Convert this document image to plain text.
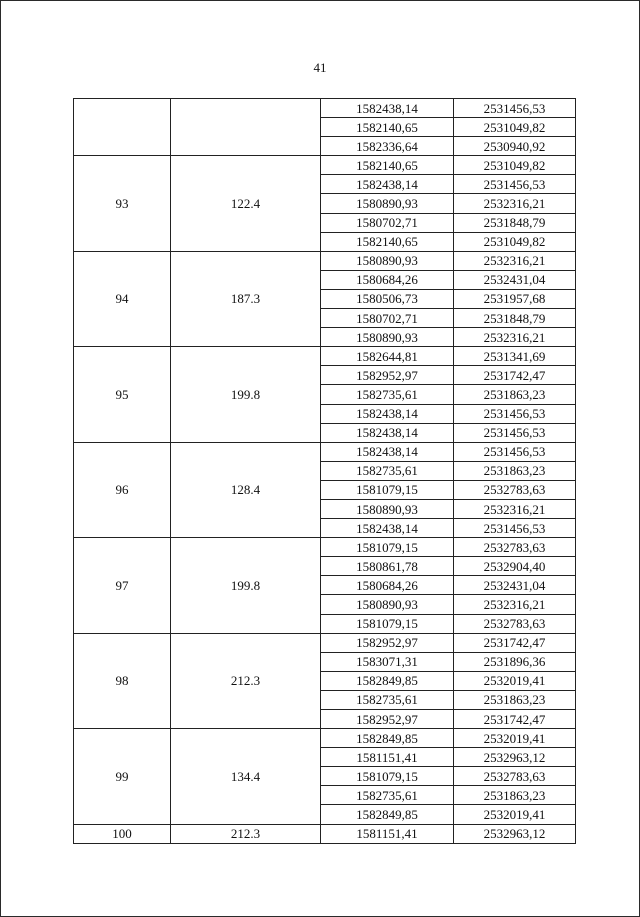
41
		1582438,14	2531456,53
		1582140,65	2531049,82
		1582336,64	2530940,92
93	122.4	1582140,65	2531049,82
		1582438,14	2531456,53
		1580890,93	2532316,21
		1580702,71	2531848,79
		1582140,65	2531049,82
94	187.3	1580890,93	2532316,21
		1580684,26	2532431,04
		1580506,73	2531957,68
		1580702,71	2531848,79
		1580890,93	2532316,21
95	199.8	1582644,81	2531341,69
		1582952,97	2531742,47
		1582735,61	2531863,23
		1582438,14	2531456,53
		1582438,14	2531456,53
96	128.4	1582438,14	2531456,53
		1582735,61	2531863,23
		1581079,15	2532783,63
		1580890,93	2532316,21
		1582438,14	2531456,53
97	199.8	1581079,15	2532783,63
		1580861,78	2532904,40
		1580684,26	2532431,04
		1580890,93	2532316,21
		1581079,15	2532783,63
98	212.3	1582952,97	2531742,47
		1583071,31	2531896,36
		1582849,85	2532019,41
		1582735,61	2531863,23
		1582952,97	2531742,47
99	134.4	1582849,85	2532019,41
		1581151,41	2532963,12
		1581079,15	2532783,63
		1582735,61	2531863,23
		1582849,85	2532019,41
100	212.3	1581151,41	2532963,12
